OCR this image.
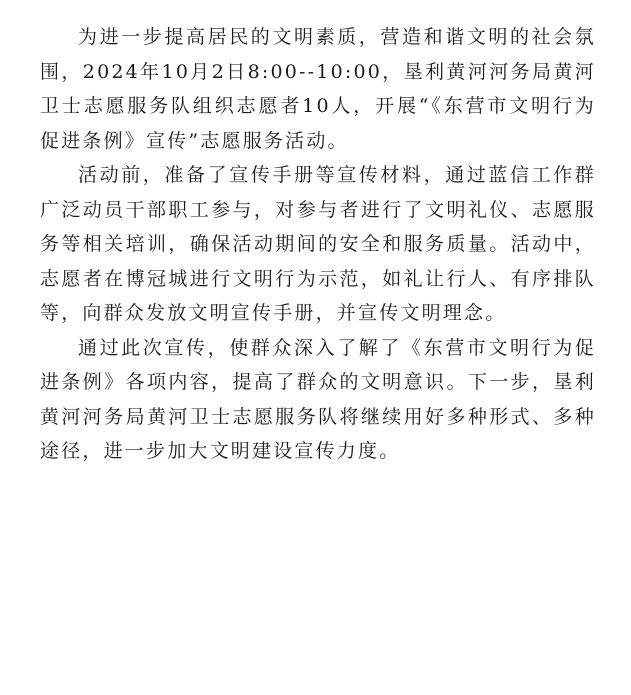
为进一步提高居民的文明素质，营造和谐文明的社会氛围，2024年10月2日8:00--10:00，垦利黄河河务局黄河卫士志愿服务队组织志愿者10人，开展“《东营市文明行为促进条例》宣传”志愿服务活动。

活动前，准备了宣传手册等宣传材料，通过蓝信工作群广泛动员干部职工参与，对参与者进行了文明礼仪、志愿服务等相关培训，确保活动期间的安全和服务质量。活动中，志愿者在博冠城进行文明行为示范，如礼让行人、有序排队等，向群众发放文明宣传手册，并宣传文明理念。

通过此次宣传，使群众深入了解了《东营市文明行为促进条例》各项内容，提高了群众的文明意识。下一步，垦利黄河河务局黄河卫士志愿服务队将继续用好多种形式、多种途径，进一步加大文明建设宣传力度。
